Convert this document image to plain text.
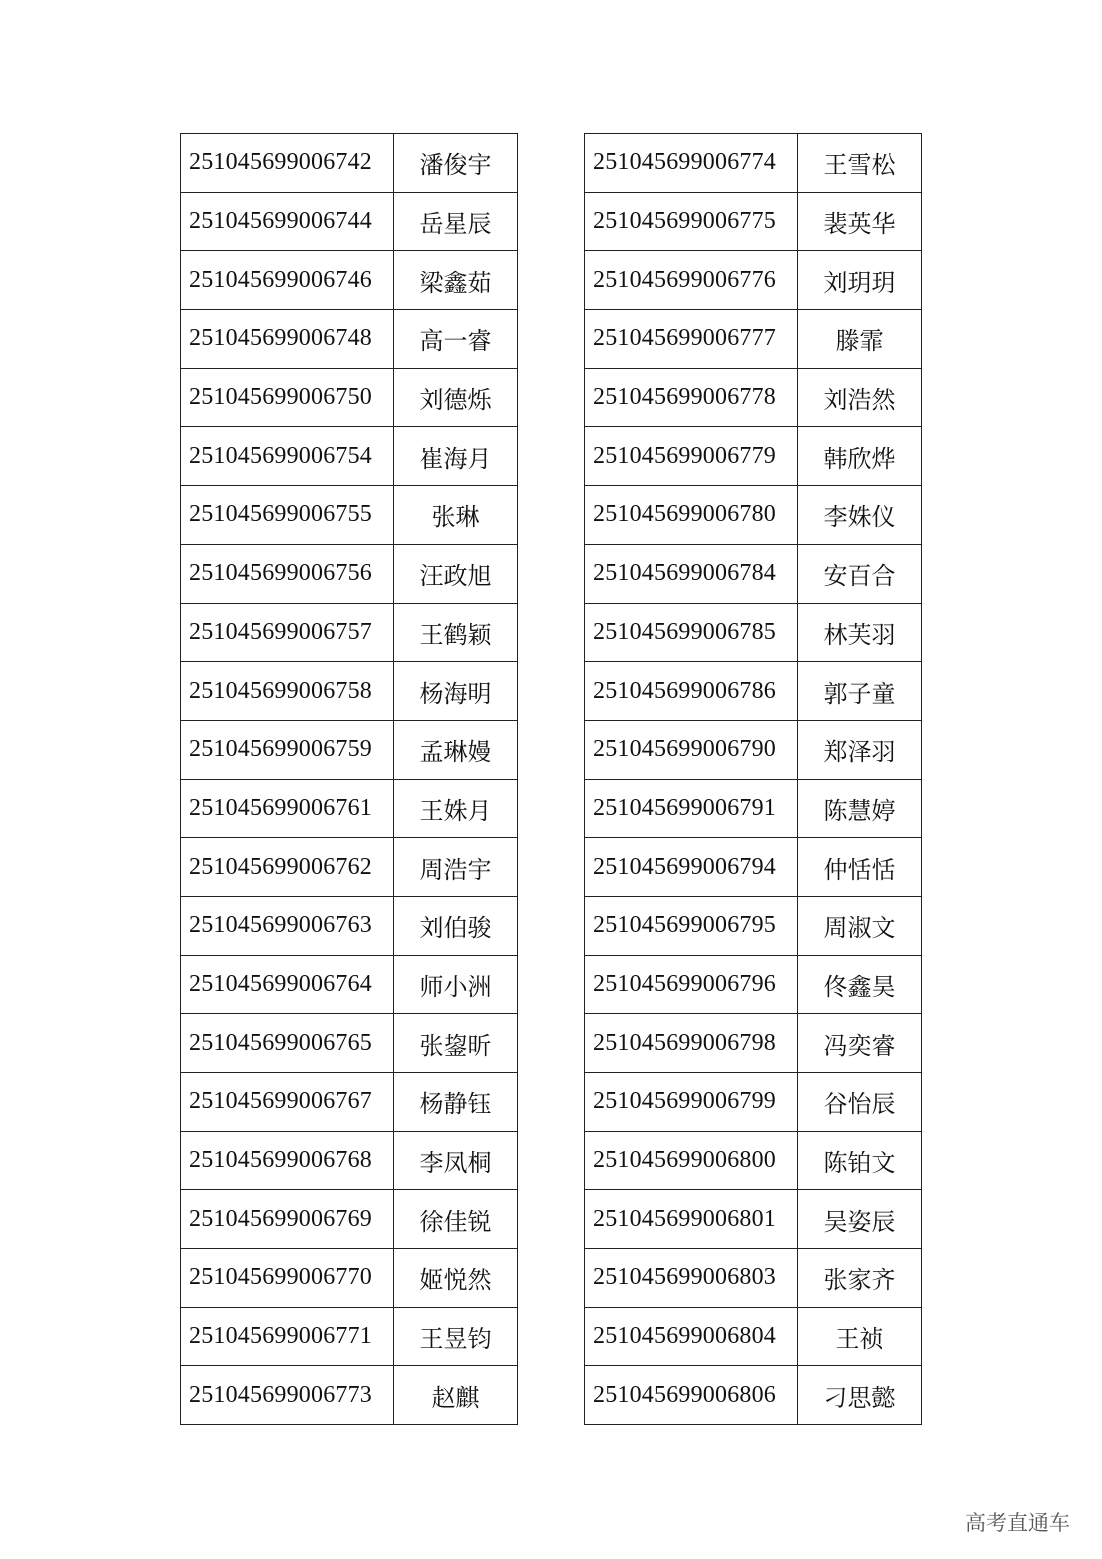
251045699006742	潘俊宇
251045699006744	岳星辰
251045699006746	梁鑫茹
251045699006748	高一睿
251045699006750	刘德烁
251045699006754	崔海月
251045699006755	张琳
251045699006756	汪政旭
251045699006757	王鹤颖
251045699006758	杨海明
251045699006759	孟琳嫚
251045699006761	王姝月
251045699006762	周浩宇
251045699006763	刘伯骏
251045699006764	师小洲
251045699006765	张鋆昕
251045699006767	杨静钰
251045699006768	李凤桐
251045699006769	徐佳锐
251045699006770	姬悦然
251045699006771	王昱钧
251045699006773	赵麒
251045699006774	王雪松
251045699006775	裴英华
251045699006776	刘玥玥
251045699006777	滕霏
251045699006778	刘浩然
251045699006779	韩欣烨
251045699006780	李姝仪
251045699006784	安百合
251045699006785	林芙羽
251045699006786	郭子童
251045699006790	郑泽羽
251045699006791	陈慧婷
251045699006794	仲恬恬
251045699006795	周淑文
251045699006796	佟鑫昊
251045699006798	冯奕睿
251045699006799	谷怡辰
251045699006800	陈铂文
251045699006801	吴姿辰
251045699006803	张家齐
251045699006804	王祯
251045699006806	刁思懿
高考直通车
